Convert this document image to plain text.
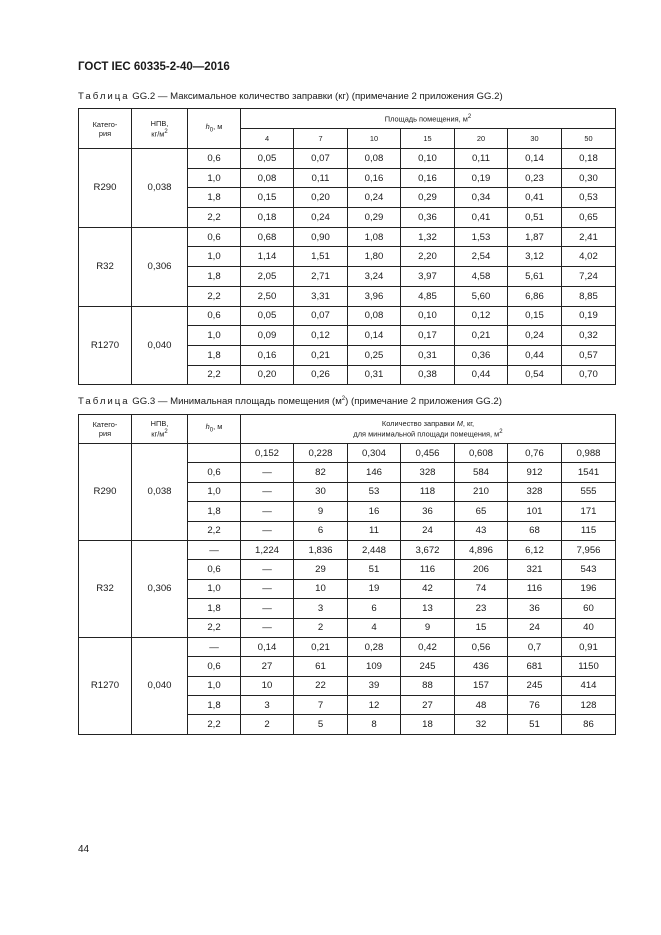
ГОСТ IEC 60335-2-40—2016
Таблица GG.2 — Максимальное количество заправки (кг) (примечание 2 приложения GG.2)
Катего-
рия	НПВ,
$кг/м^2$	$h_0$, м	Площадь помещения, $м^2$
			4	7	10	15	20	30	50
R290	0,038	0,6	0,05	0,07	0,08	0,10	0,11	0,14	0,18
		1,0	0,08	0,11	0,16	0,16	0,19	0,23	0,30
		1,8	0,15	0,20	0,24	0,29	0,34	0,41	0,53
		2,2	0,18	0,24	0,29	0,36	0,41	0,51	0,65
R32	0,306	0,6	0,68	0,90	1,08	1,32	1,53	1,87	2,41
		1,0	1,14	1,51	1,80	2,20	2,54	3,12	4,02
		1,8	2,05	2,71	3,24	3,97	4,58	5,61	7,24
		2,2	2,50	3,31	3,96	4,85	5,60	6,86	8,85
R1270	0,040	0,6	0,05	0,07	0,08	0,10	0,12	0,15	0,19
		1,0	0,09	0,12	0,14	0,17	0,21	0,24	0,32
		1,8	0,16	0,21	0,25	0,31	0,36	0,44	0,57
		2,2	0,20	0,26	0,31	0,38	0,44	0,54	0,70
Таблица GG.3 — Минимальная площадь помещения $(м^2)$ (примечание 2 приложения GG.2)
Катего-
рия	НПВ,
$кг/м^2$	$h_0$, м	Количество заправки M, кг,
для минимальной площади помещения, $м^2$
R290	0,038		0,152	0,228	0,304	0,456	0,608	0,76	0,988
		0,6	—	82	146	328	584	912	1541
		1,0	—	30	53	118	210	328	555
		1,8	—	9	16	36	65	101	171
		2,2	—	6	11	24	43	68	115
R32	0,306	—	1,224	1,836	2,448	3,672	4,896	6,12	7,956
		0,6	—	29	51	116	206	321	543
		1,0	—	10	19	42	74	116	196
		1,8	—	3	6	13	23	36	60
		2,2	—	2	4	9	15	24	40
R1270	0,040	—	0,14	0,21	0,28	0,42	0,56	0,7	0,91
		0,6	27	61	109	245	436	681	1150
		1,0	10	22	39	88	157	245	414
		1,8	3	7	12	27	48	76	128
		2,2	2	5	8	18	32	51	86
44
